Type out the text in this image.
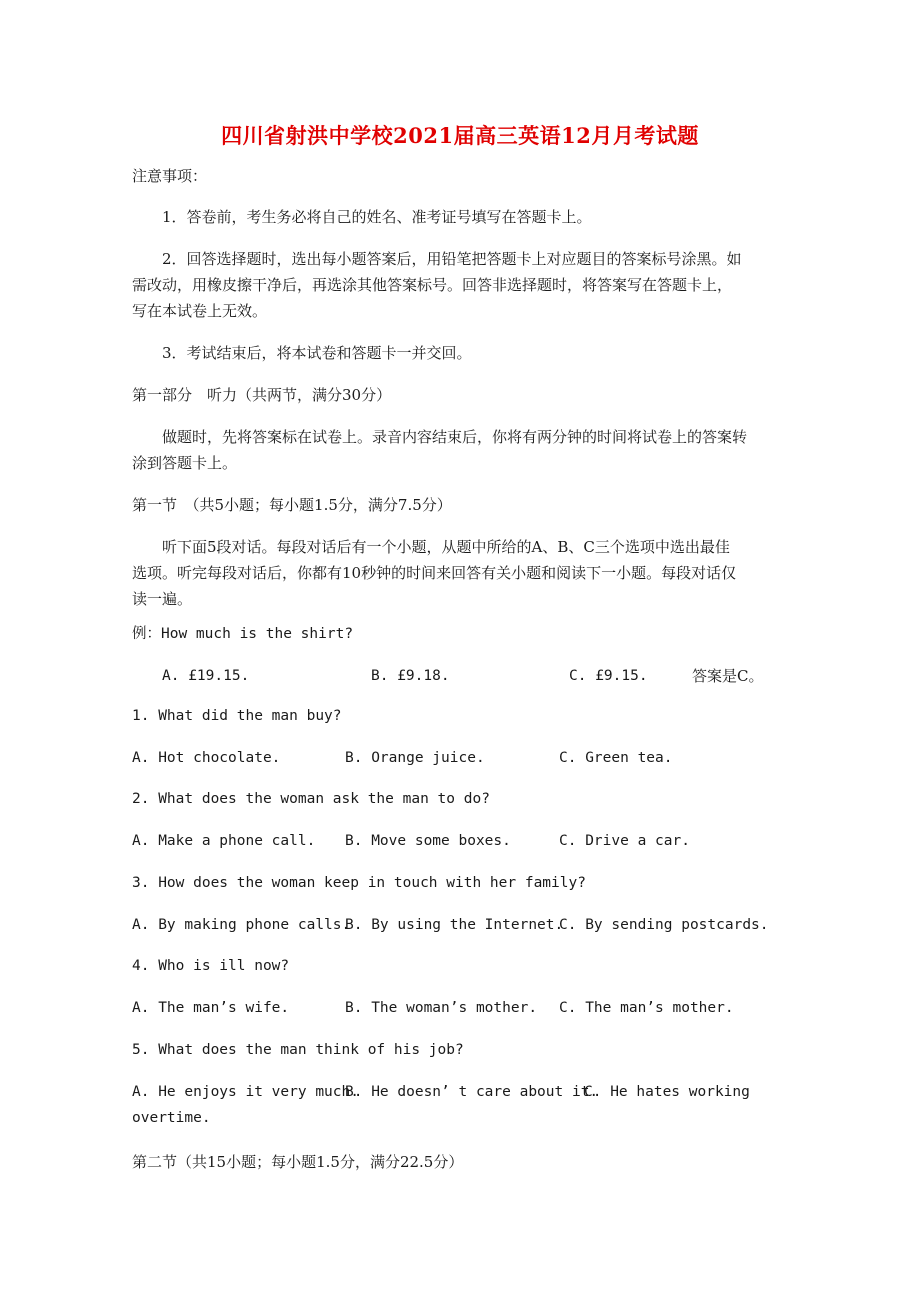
四川省射洪中学校2021届高三英语12月月考试题
注意事项：
1．答卷前，考生务必将自己的姓名、准考证号填写在答题卡上。
2．回答选择题时，选出每小题答案后，用铅笔把答题卡上对应题目的答案标号涂黑。如
需改动，用橡皮擦干净后，再选涂其他答案标号。回答非选择题时，将答案写在答题卡上，
写在本试卷上无效。
3．考试结束后，将本试卷和答题卡一并交回。
第一部分　听力（共两节，满分30分）
做题时，先将答案标在试卷上。录音内容结束后，你将有两分钟的时间将试卷上的答案转
涂到答题卡上。
第一节　（共5小题；每小题1.5分，满分7.5分）
听下面5段对话。每段对话后有一个小题，从题中所给的A、B、C三个选项中选出最佳
选项。听完每段对话后，你都有10秒钟的时间来回答有关小题和阅读下一小题。每段对话仅
读一遍。
例：How much is the shirt?
A. £19.15.	B. £9.18.	C. £9.15.	答案是C。
1. What did the man buy?
A. Hot chocolate.	B. Orange juice.	C. Green tea.
2. What does the woman ask the man to do?
A. Make a phone call. B. Move some boxes.	C. Drive a car.
3. How does the woman keep in touch with her family?
A. By making phone calls.
B. By using the Internet.
C. By sending postcards.
4. Who is ill now?
A. The man’s wife.	B. The woman’s mother. C. The man’s mother.
5. What does the man think of his job?
A. He enjoys it very much.
B. He doesn’ t care about it.
C. He hates working
overtime.
第二节（共15小题；每小题1.5分，满分22.5分）
